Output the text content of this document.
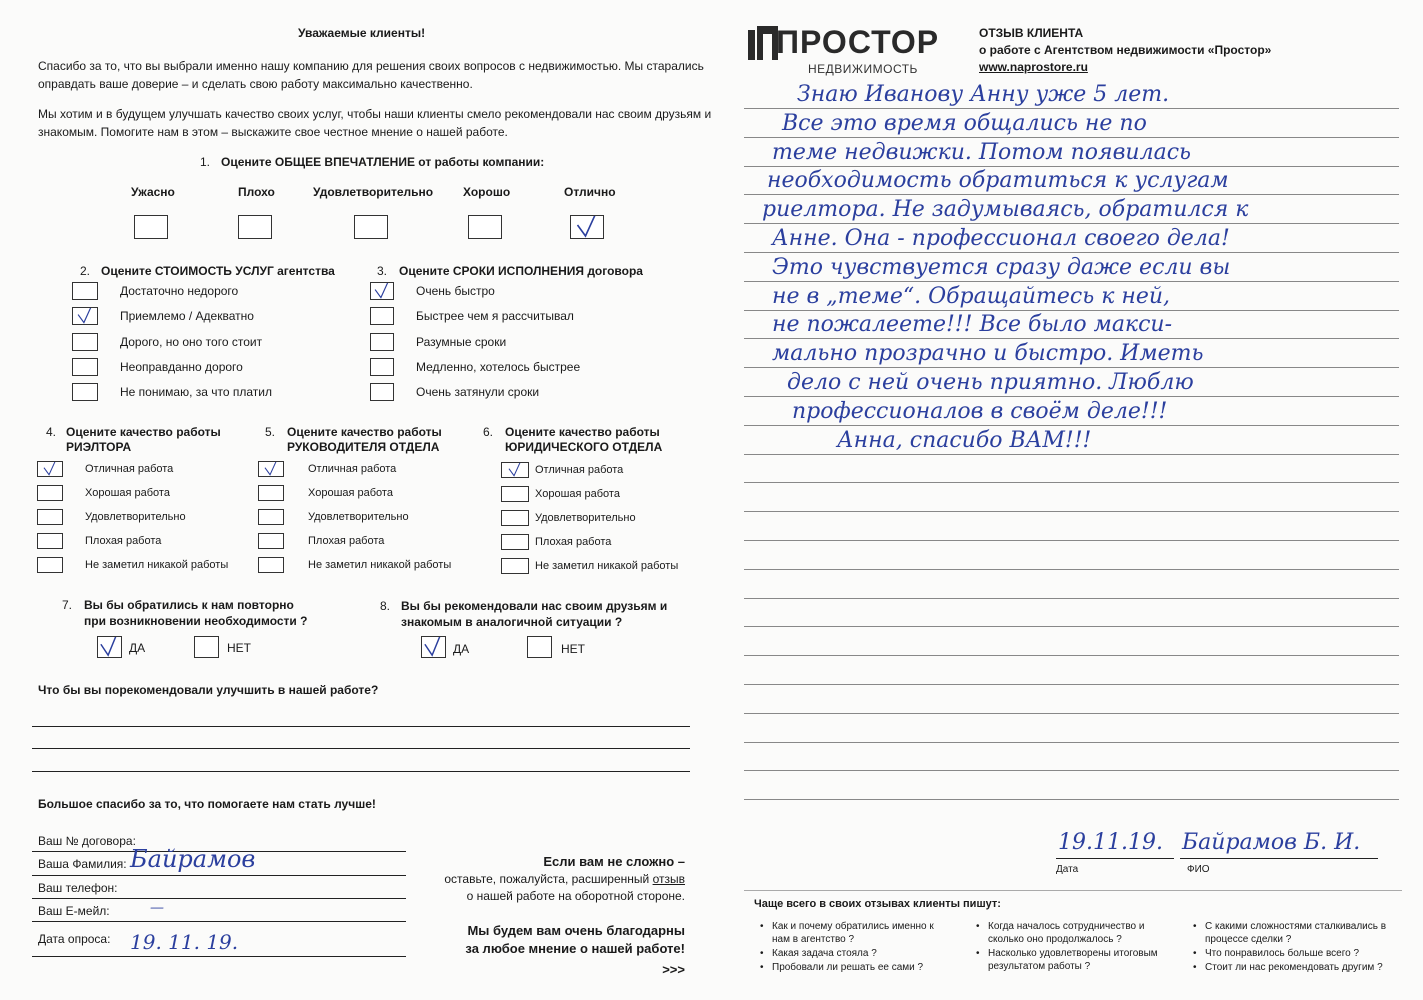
Уважаемые клиенты!
Спасибо за то, что вы выбрали именно нашу компанию для решения своих вопросов с недвижимостью. Мы старались
оправдать ваше доверие – и сделать свою работу максимально качественно.
Мы хотим и в будущем улучшать качество своих услуг, чтобы наши клиенты смело рекомендовали нас своим друзьям и
знакомым. Помогите нам в этом – выскажите свое честное мнение о нашей работе.
1. Оцените ОБЩЕЕ ВПЕЧАТЛЕНИЕ от работы компании:
Ужасно	Плохо	Удовлетворительно Хорошо	Отлично
2. Оцените СТОИМОСТЬ УСЛУГ агентства
Достаточно недорого
Приемлемо / Адекватно
Дорого, но оно того стоит
Неоправданно дорого
Не понимаю, за что платил
3. Оцените СРОКИ ИСПОЛНЕНИЯ договора
Очень быстро
Быстрее чем я рассчитывал
Разумные сроки
Медленно, хотелось быстрее
Очень затянули сроки
4. Оцените качество работы
РИЭЛТОРА
Отличная работа
Хорошая работа
Удовлетворительно
Плохая работа
Не заметил никакой работы
5. Оцените качество работы
РУКОВОДИТЕЛЯ ОТДЕЛА
Отличная работа
Хорошая работа
Удовлетворительно
Плохая работа
Не заметил никакой работы
6. Оцените качество работы
ЮРИДИЧЕСКОГО ОТДЕЛА
Отличная работа
Хорошая работа
Удовлетворительно
Плохая работа
Не заметил никакой работы
7. Вы бы обратились к нам повторно
при возникновении необходимости ?
ДА	НЕТ
8. Вы бы рекомендовали нас своим друзьям и
знакомым в аналогичной ситуации ?
ДА	НЕТ
Что бы вы порекомендовали улучшить в нашей работе?
Большое спасибо за то, что помогаете нам стать лучше!
Ваш № договора:
Ваша Фамилия: Байрамов
Ваш телефон:
Ваш Е-мейл:	—
Дата опроса: 19. 11. 19.
Если вам не сложно –
оставьте, пожалуйста, расширенный отзыв
о нашей работе на оборотной стороне.
Мы будем вам очень благодарны
за любое мнение о нашей работе!
>>>
ПРОСТОР
НЕДВИЖИМОСТЬ
ОТЗЫВ КЛИЕНТА
о работе с Агентством недвижимости «Простор»
www.naprostore.ru
Знаю Иванову Анну уже 5 лет.
Все это время общались не по
теме недвижки. Потом появилась
необходимость обратиться к услугам
риелтора. Не задумываясь, обратился к
Анне. Она - профессионал своего дела!
Это чувствуется сразу даже если вы
не в „теме“. Обращайтесь к ней,
не пожалеете!!! Все было макси-
мально прозрачно и быстро. Иметь
дело с ней очень приятно. Люблю
профессионалов в своём деле!!!
Анна, спасибо ВАМ!!!
19.11.19. Байрамов Б. И.
Дата	ФИО
Чаще всего в своих отзывах клиенты пишут:
• Как и почему обратились именно к нам в агентство ?
• Какая задача стояла ?
• Пробовали ли решать ее сами ?
• Когда началось сотрудничество и сколько оно продолжалось ?
• Насколько удовлетворены итоговым результатом работы ?
• С какими сложностями сталкивались в процессе сделки ?
• Что понравилось больше всего ?
• Стоит ли нас рекомендовать другим ?
